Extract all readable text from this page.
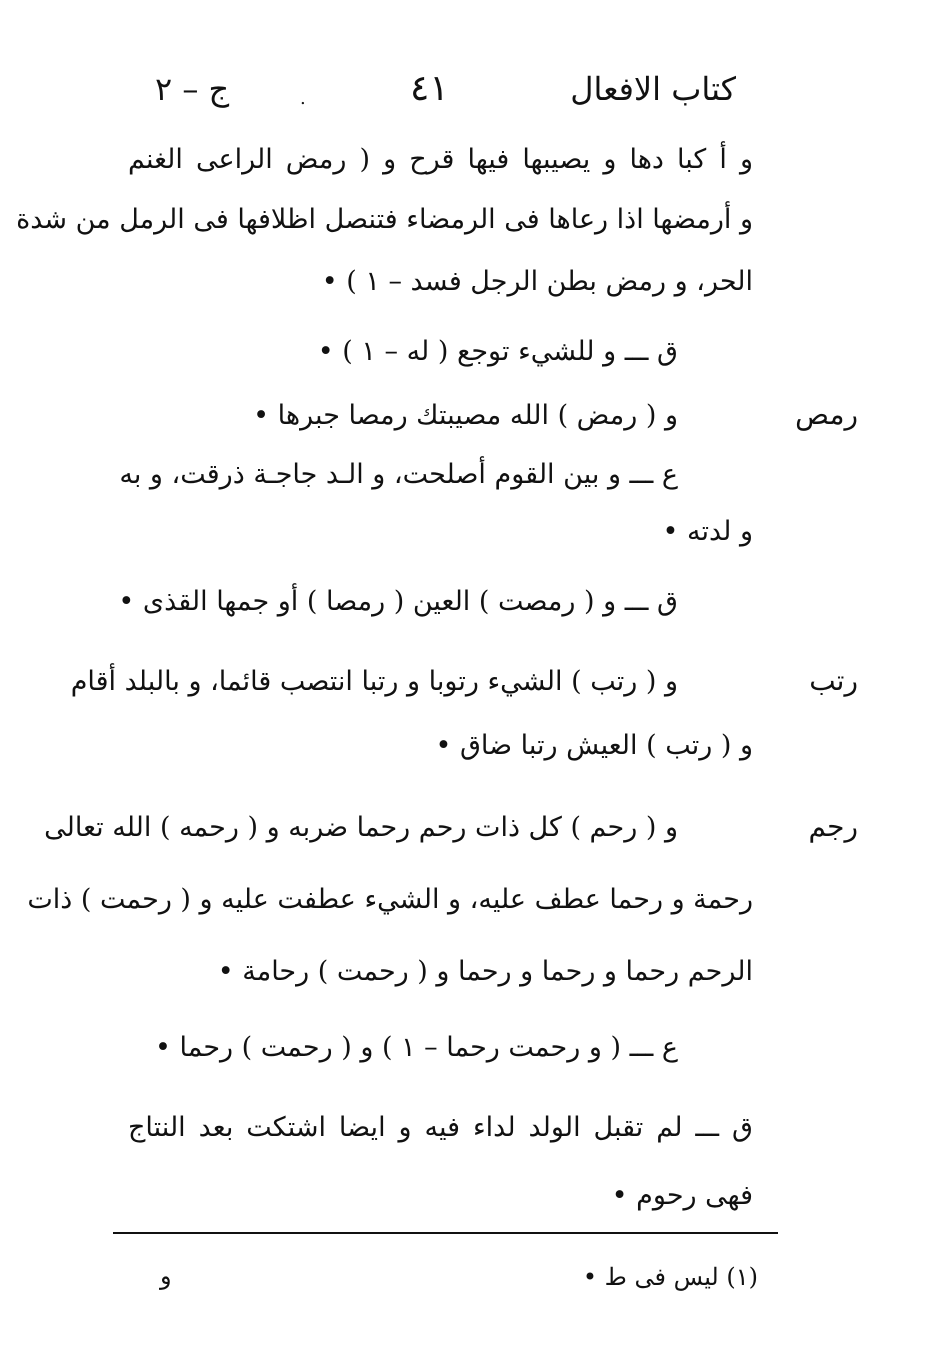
كتاب الافعال
٤١
ج – ٢	.
و أ كبا دها و يصيبها فيها قرح و ( رمض الراعى الغنم
و أرمضها اذا رعاها فى الرمضاء فتنصل اظلافها فى الرمل من شدة
الحر، و رمض بطن الرجل فسد – ١ ) •
ق ـــ و للشيء توجع ( له – ١ ) •
و ( رمض ) الله مصيبتك رمصا جبرها •
ع ـــ و بين القوم أصلحت، و الـد جاجـة ذرقت، و به
و لدته •
ق ـــ و ( رمصت ) العين ( رمصا ) أو جمها القذى •
و ( رتب ) الشيء رتوبا و رتبا انتصب قائما، و بالبلد أقام
و ( رتب ) العيش رتبا ضاق •
و ( رحم ) كل ذات رحم رحما ضربه و ( رحمه ) الله تعالى
رحمة و رحما عطف عليه، و الشيء عطفت عليه و ( رحمت ) ذات
الرحم رحما و رحما و رحما و ( رحمت ) رحامة •
ع ـــ ( و رحمت رحما – ١ ) و ( رحمت ) رحما •
ق ـــ لم تقبل الولد لداء فيه و ايضا اشتكت بعد النتاج
فهى رحوم •
رمص
رتب
رجم
(١) ليس فى ط •
و
